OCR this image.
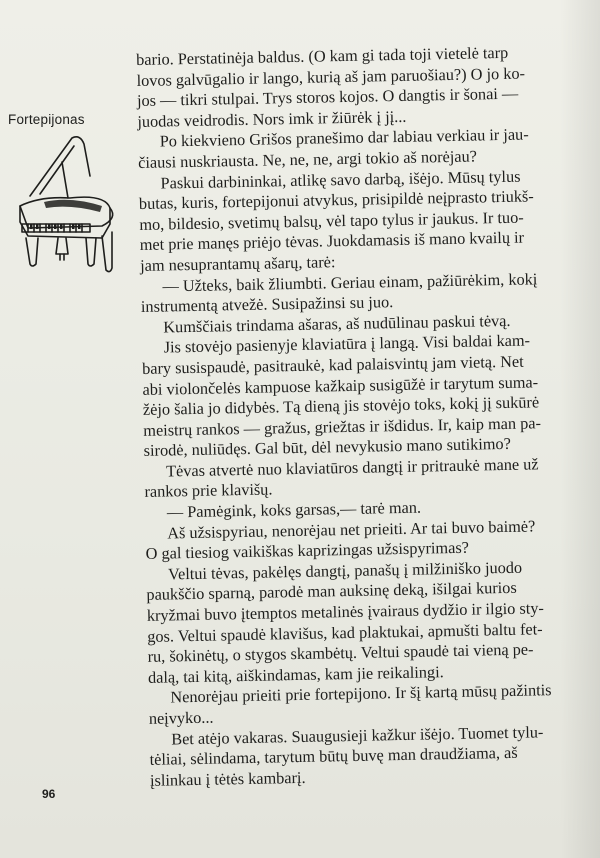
Fortepijonas
bario. Perstatinėja baldus. (O kam gi tada toji vietelė tarp
lovos galvūgalio ir lango, kurią aš jam paruošiau?) O jo ko-
jos — tikri stulpai. Trys storos kojos. O dangtis ir šonai —
juodas veidrodis. Nors imk ir žiūrėk į jį...
Po kiekvieno Grišos pranešimo dar labiau verkiau ir jau-
čiausi nuskriausta. Ne, ne, ne, argi tokio aš norėjau?
Paskui darbininkai, atlikę savo darbą, išėjo. Mūsų tylus
butas, kuris, fortepijonui atvykus, prisipildė neįprasto triukš-
mo, bildesio, svetimų balsų, vėl tapo tylus ir jaukus. Ir tuo-
met prie manęs priėjo tėvas. Juokdamasis iš mano kvailų ir
jam nesuprantamų ašarų, tarė:
— Užteks, baik žliumbti. Geriau einam, pažiūrėkim, kokį
instrumentą atvežė. Susipažinsi su juo.
Kumščiais trindama ašaras, aš nudūlinau paskui tėvą.
Jis stovėjo pasienyje klaviatūra į langą. Visi baldai kam-
bary susispaudė, pasitraukė, kad palaisvintų jam vietą. Net
abi violončelės kampuose kažkaip susigūžė ir tarytum suma-
žėjo šalia jo didybės. Tą dieną jis stovėjo toks, kokį jį sukūrė
meistrų rankos — gražus, griežtas ir išdidus. Ir, kaip man pa-
sirodė, nuliūdęs. Gal būt, dėl nevykusio mano sutikimo?
Tėvas atvertė nuo klaviatūros dangtį ir pritraukė mane už
rankos prie klavišų.
— Pamėgink, koks garsas,— tarė man.
Aš užsispyriau, nenorėjau net prieiti. Ar tai buvo baimė?
O gal tiesiog vaikiškas kaprizingas užsispyrimas?
Veltui tėvas, pakėlęs dangtį, panašų į milžiniško juodo
paukščio sparną, parodė man auksinę deką, išilgai kurios
kryžmai buvo įtemptos metalinės įvairaus dydžio ir ilgio sty-
gos. Veltui spaudė klavišus, kad plaktukai, apmušti baltu fet-
ru, šokinėtų, o stygos skambėtų. Veltui spaudė tai vieną pe-
dalą, tai kitą, aiškindamas, kam jie reikalingi.
Nenorėjau prieiti prie fortepijono. Ir šį kartą mūsų pažintis
neįvyko...
Bet atėjo vakaras. Suaugusieji kažkur išėjo. Tuomet tylu-
tėliai, sėlindama, tarytum būtų buvę man draudžiama, aš
įslinkau į tėtės kambarį.
96
